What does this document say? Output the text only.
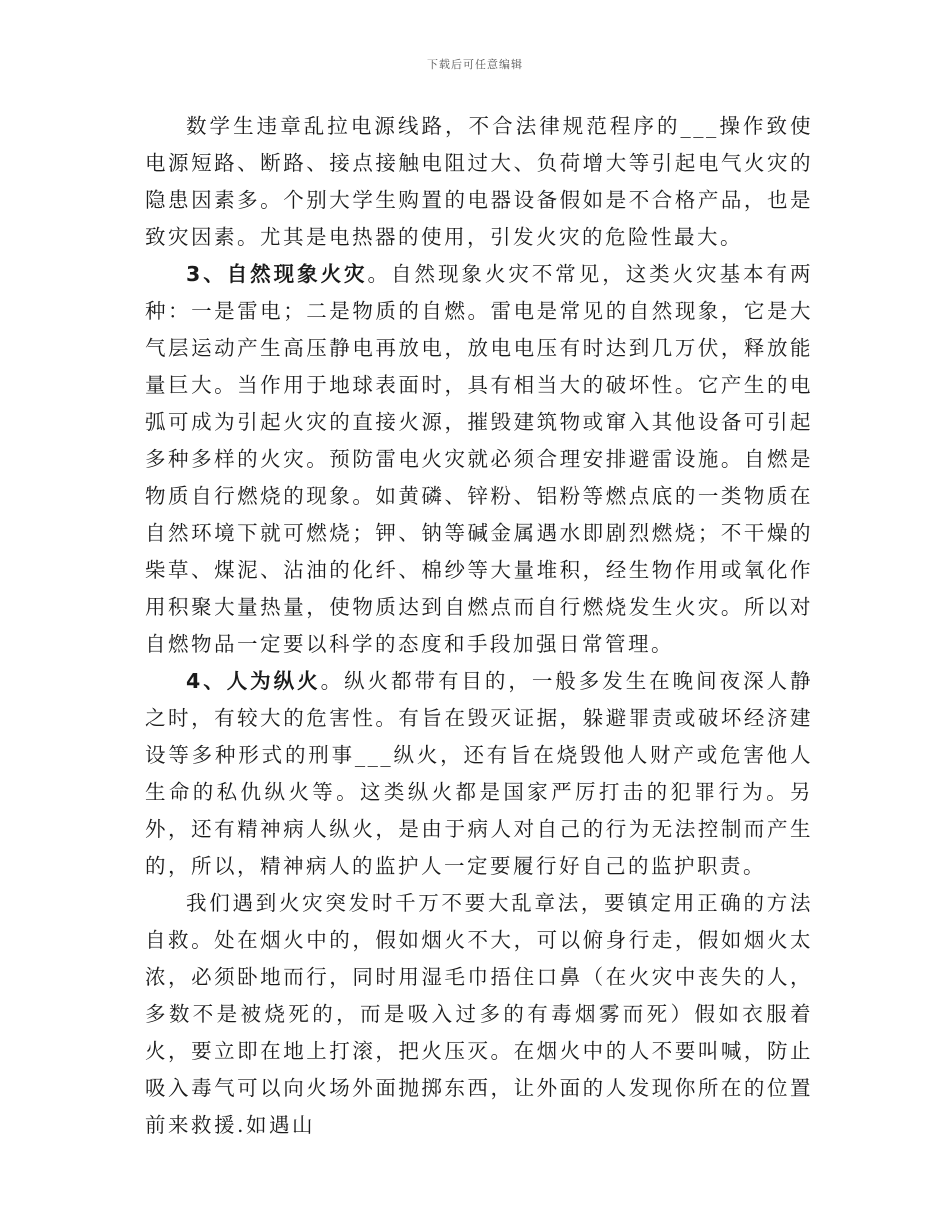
下载后可任意编辑

数学生违章乱拉电源线路，不合法律规范程序的___操作致使电源短路、断路、接点接触电阻过大、负荷增大等引起电气火灾的隐患因素多。个别大学生购置的电器设备假如是不合格产品，也是致灾因素。尤其是电热器的使用，引发火灾的危险性最大。

3、自然现象火灾。自然现象火灾不常见，这类火灾基本有两种：一是雷电；二是物质的自燃。雷电是常见的自然现象，它是大气层运动产生高压静电再放电，放电电压有时达到几万伏，释放能量巨大。当作用于地球表面时，具有相当大的破坏性。它产生的电弧可成为引起火灾的直接火源，摧毁建筑物或窜入其他设备可引起多种多样的火灾。预防雷电火灾就必须合理安排避雷设施。自燃是物质自行燃烧的现象。如黄磷、锌粉、铝粉等燃点底的一类物质在自然环境下就可燃烧；钾、钠等碱金属遇水即剧烈燃烧；不干燥的柴草、煤泥、沾油的化纤、棉纱等大量堆积，经生物作用或氧化作用积聚大量热量，使物质达到自燃点而自行燃烧发生火灾。所以对自燃物品一定要以科学的态度和手段加强日常管理。

4、人为纵火。纵火都带有目的，一般多发生在晚间夜深人静之时，有较大的危害性。有旨在毁灭证据，躲避罪责或破坏经济建设等多种形式的刑事___纵火，还有旨在烧毁他人财产或危害他人生命的私仇纵火等。这类纵火都是国家严厉打击的犯罪行为。另外，还有精神病人纵火，是由于病人对自己的行为无法控制而产生的，所以，精神病人的监护人一定要履行好自己的监护职责。

我们遇到火灾突发时千万不要大乱章法，要镇定用正确的方法自救。处在烟火中的，假如烟火不大，可以俯身行走，假如烟火太浓，必须卧地而行，同时用湿毛巾捂住口鼻（在火灾中丧失的人，多数不是被烧死的，而是吸入过多的有毒烟雾而死）假如衣服着火，要立即在地上打滚，把火压灭。在烟火中的人不要叫喊，防止吸入毒气可以向火场外面抛掷东西，让外面的人发现你所在的位置前来救援.如遇山
